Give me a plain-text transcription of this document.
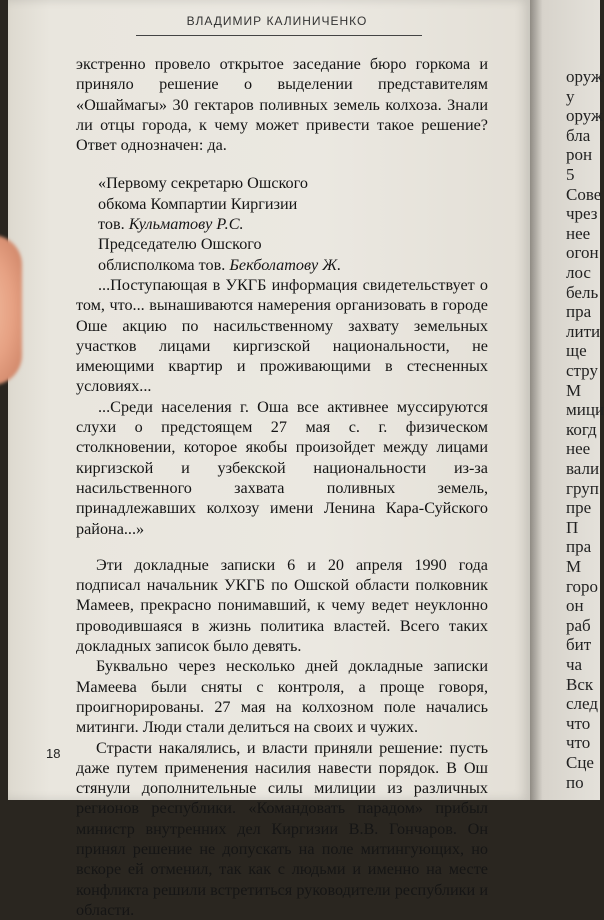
оруж
у
оруж
бла
рон
5
Сове
чрез
нее
огон
лос
бель
пра
лити
ще
стру
М
мици
когд
нее
вали
груп
пре
П
пра
М
горо
он
раб
бит
ча
Вск
след
что
что
Сце
по
ВЛАДИМИР КАЛИНИЧЕНКО

экстренно провело открытое заседание бюро горкома и приняло решение о выделении представителям «Ошаймагы» 30 гектаров поливных земель колхоза. Знали ли отцы города, к чему может привести такое решение? Ответ однозначен: да.

«Первому секретарю Ошского
обкома Компартии Киргизии
тов. Кульматову Р.С.
Председателю Ошского
облисполкома тов. Бекболатову Ж.

...Поступающая в УКГБ информация свидетельствует о том, что... вынашиваются намерения организовать в городе Оше акцию по насильственному захвату земельных участков лицами киргизской национальности, не имеющими квартир и проживающими в стесненных условиях...

...Среди населения г. Оша все активнее муссируются слухи о предстоящем 27 мая с. г. физическом столкновении, которое якобы произойдет между лицами киргизской и узбекской национальности из-за насильственного захвата поливных земель, принадлежавших колхозу имени Ленина Кара-Суйского района...»

Эти докладные записки 6 и 20 апреля 1990 года подписал начальник УКГБ по Ошской области полковник Мамеев, прекрасно понимавший, к чему ведет неуклонно проводившаяся в жизнь политика властей. Всего таких докладных записок было девять.

Буквально через несколько дней докладные записки Мамеева были сняты с контроля, а проще говоря, проигнорированы. 27 мая на колхозном поле начались митинги. Люди стали делиться на своих и чужих.

Страсти накалялись, и власти приняли решение: пусть даже путем применения насилия навести порядок. В Ош стянули дополнительные силы милиции из различных регионов республики. «Командовать парадом» прибыл министр внутренних дел Киргизии В.В. Гончаров. Он принял решение не допускать на поле митингующих, но вскоре ей отменил, так как с людьми и именно на месте конфликта решили встретиться руководители республики и области.

18
